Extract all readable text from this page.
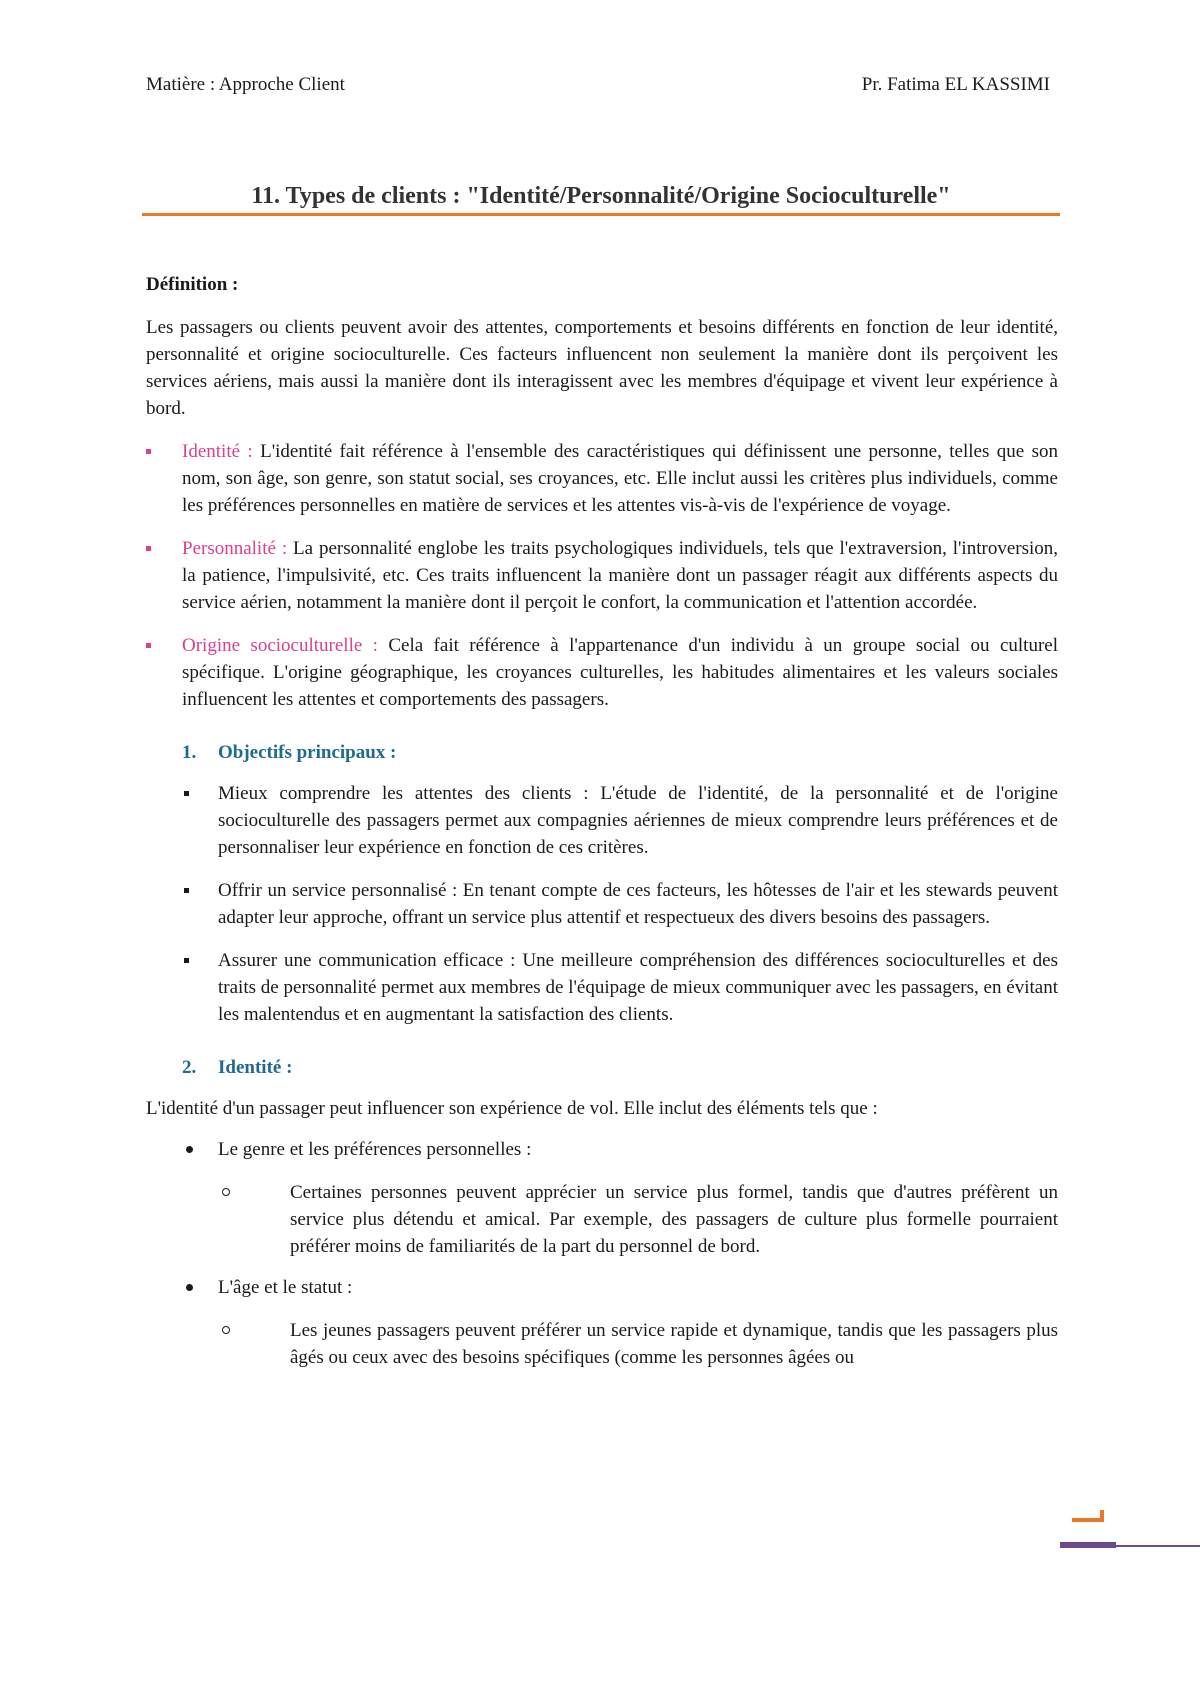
Matière : Approche Client	Pr. Fatima EL KASSIMI
11. Types de clients : "Identité/Personnalité/Origine Socioculturelle"

Définition :

Les passagers ou clients peuvent avoir des attentes, comportements et besoins différents en fonction de leur identité, personnalité et origine socioculturelle. Ces facteurs influencent non seulement la manière dont ils perçoivent les services aériens, mais aussi la manière dont ils interagissent avec les membres d'équipage et vivent leur expérience à bord.

Identité : L'identité fait référence à l'ensemble des caractéristiques qui définissent une personne, telles que son nom, son âge, son genre, son statut social, ses croyances, etc. Elle inclut aussi les critères plus individuels, comme les préférences personnelles en matière de services et les attentes vis-à-vis de l'expérience de voyage.
Personnalité : La personnalité englobe les traits psychologiques individuels, tels que l'extraversion, l'introversion, la patience, l'impulsivité, etc. Ces traits influencent la manière dont un passager réagit aux différents aspects du service aérien, notamment la manière dont il perçoit le confort, la communication et l'attention accordée.
Origine socioculturelle : Cela fait référence à l'appartenance d'un individu à un groupe social ou culturel spécifique. L'origine géographique, les croyances culturelles, les habitudes alimentaires et les valeurs sociales influencent les attentes et comportements des passagers.

1. Objectifs principaux :

Mieux comprendre les attentes des clients : L'étude de l'identité, de la personnalité et de l'origine socioculturelle des passagers permet aux compagnies aériennes de mieux comprendre leurs préférences et de personnaliser leur expérience en fonction de ces critères.
Offrir un service personnalisé : En tenant compte de ces facteurs, les hôtesses de l'air et les stewards peuvent adapter leur approche, offrant un service plus attentif et respectueux des divers besoins des passagers.
Assurer une communication efficace : Une meilleure compréhension des différences socioculturelles et des traits de personnalité permet aux membres de l'équipage de mieux communiquer avec les passagers, en évitant les malentendus et en augmentant la satisfaction des clients.

2. Identité :

L'identité d'un passager peut influencer son expérience de vol. Elle inclut des éléments tels que :

Le genre et les préférences personnelles :
Certaines personnes peuvent apprécier un service plus formel, tandis que d'autres préfèrent un service plus détendu et amical. Par exemple, des passagers de culture plus formelle pourraient préférer moins de familiarités de la part du personnel de bord.
L'âge et le statut :
Les jeunes passagers peuvent préférer un service rapide et dynamique, tandis que les passagers plus âgés ou ceux avec des besoins spécifiques (comme les personnes âgées ou
